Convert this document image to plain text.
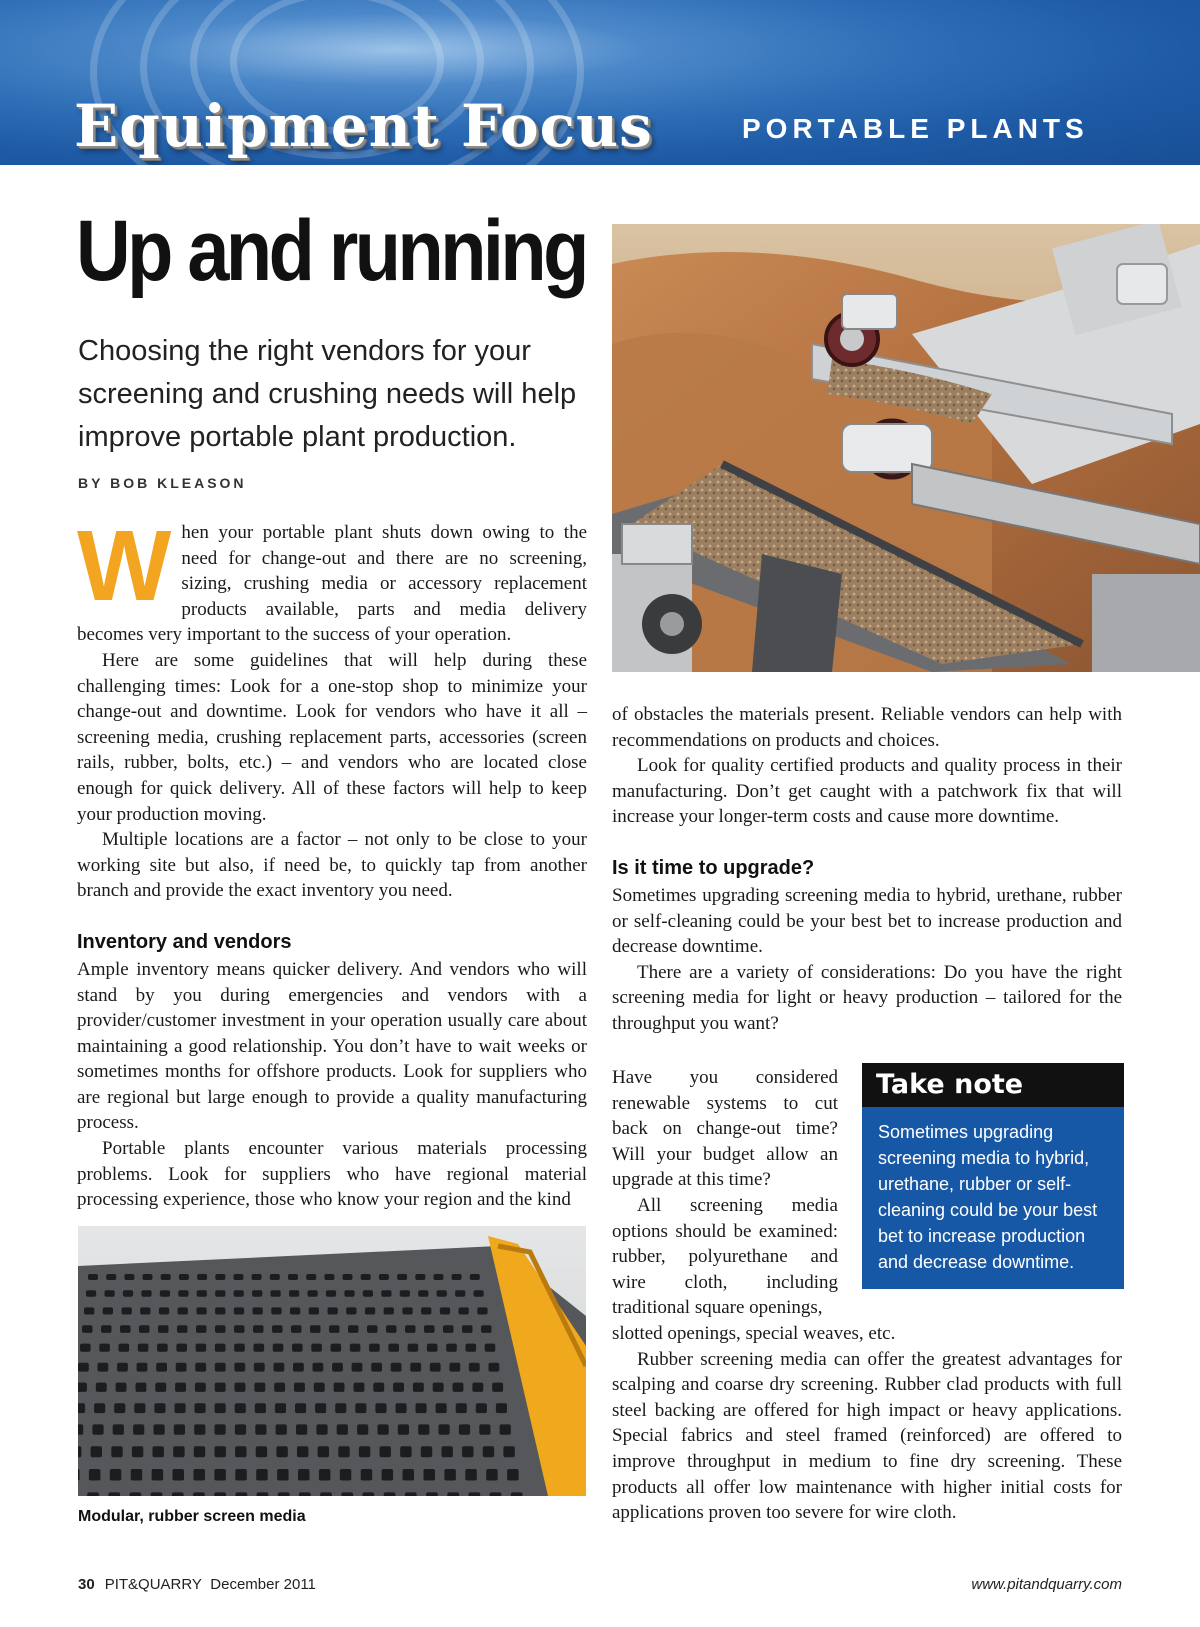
Equipment Focus	PORTABLE PLANTS
Up and running
Choosing the right vendors for your screening and crushing needs will help improve portable plant production.
BY BOB KLEASON
W hen your portable plant shuts down owing to the need for change-out and there are no screening, sizing, crushing media or accessory replacement products available, parts and media delivery becomes very important to the success of your operation.

Here are some guidelines that will help during these challenging times: Look for a one-stop shop to minimize your change-out and downtime. Look for vendors who have it all – screening media, crushing replacement parts, accessories (screen rails, rubber, bolts, etc.) – and vendors who are located close enough for quick delivery. All of these factors will help to keep your production moving.

Multiple locations are a factor – not only to be close to your working site but also, if need be, to quickly tap from another branch and provide the exact inventory you need.

Inventory and vendors

Ample inventory means quicker delivery. And vendors who will stand by you during emergencies and vendors with a provider/customer investment in your operation usually care about maintaining a good relationship. You don’t have to wait weeks or sometimes months for offshore products. Look for suppliers who are regional but large enough to provide a quality manufacturing process.

Portable plants encounter various materials processing problems. Look for suppliers who have regional material processing experience, those who know your region and the kind

Modular, rubber screen media

of obstacles the materials present. Reliable vendors can help with recommendations on products and choices.

Look for quality certified products and quality process in their manufacturing. Don’t get caught with a patchwork fix that will increase your longer-term costs and cause more downtime.

Is it time to upgrade?

Sometimes upgrading screening media to hybrid, urethane, rubber or self-cleaning could be your best bet to increase production and decrease downtime.

There are a variety of considerations: Do you have the right screening media for light or heavy production – tailored for the throughput you want?

Have you considered renewable systems to cut back on change-out time? Will your budget allow an upgrade at this time?

All screening media options should be examined: rubber, polyurethane and wire cloth, including traditional square openings,

slotted openings, special weaves, etc.

Rubber screening media can offer the greatest advantages for scalping and coarse dry screening. Rubber clad products with full steel backing are offered for high impact or heavy applications. Special fabrics and steel framed (reinforced) are offered to improve throughput in medium to fine dry screening. These products all offer low maintenance with higher initial costs for applications proven too severe for wire cloth.

Take note
Sometimes upgrading screening media to hybrid, urethane, rubber or self-cleaning could be your best bet to increase production and decrease downtime.
30 PIT&QUARRY December 2011	www.pitandquarry.com
